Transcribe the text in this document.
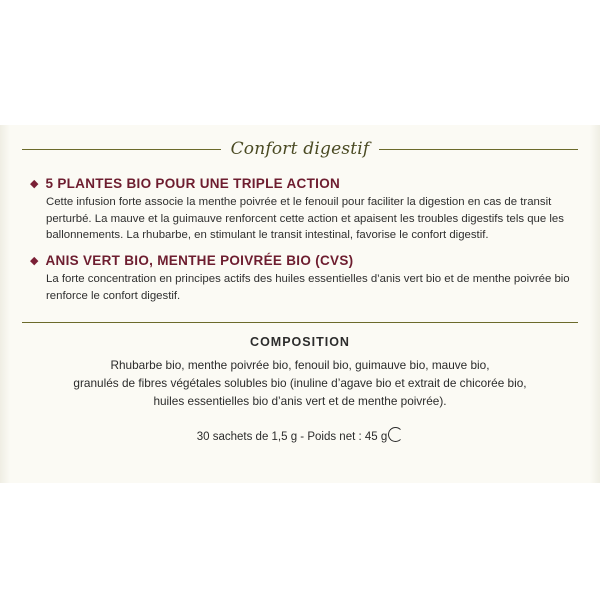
Confort digestif
◆ 5 PLANTES BIO POUR UNE TRIPLE ACTION
Cette infusion forte associe la menthe poivrée et le fenouil pour faciliter la digestion en cas de transit perturbé. La mauve et la guimauve renforcent cette action et apaisent les troubles digestifs tels que les ballonnements. La rhubarbe, en stimulant le transit intestinal, favorise le confort digestif.
◆ ANIS VERT BIO, MENTHE POIVRÉE BIO (CVS)
La forte concentration en principes actifs des huiles essentielles d’anis vert bio et de menthe poivrée bio renforce le confort digestif.
COMPOSITION
Rhubarbe bio, menthe poivrée bio, fenouil bio, guimauve bio, mauve bio,
granulés de fibres végétales solubles bio (inuline d’agave bio et extrait de chicorée bio,
huiles essentielles bio d’anis vert et de menthe poivrée).
30 sachets de 1,5 g - Poids net : 45 g
